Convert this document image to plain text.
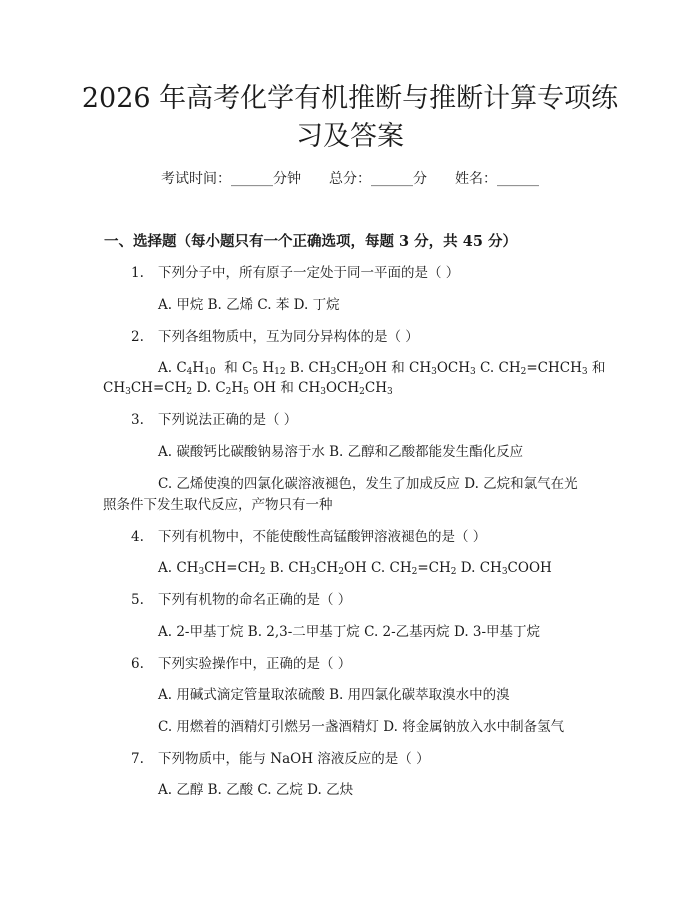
2026 年高考化学有机推断与推断计算专项练
习及答案
考试时间：______分钟 总分：______分 姓名：______
一、选择题（每小题只有一个正确选项，每题 3 分，共 45 分）
1. 下列分子中，所有原子一定处于同一平面的是（ ）
A. 甲烷 B. 乙烯 C. 苯 D. 丁烷
2. 下列各组物质中，互为同分异构体的是（ ）
A. $C_4H_{10}$  和 $C_5$ $H_{12}$ B. $CH_3CH_2OH$ 和 $CH_3OCH_3$ C. $CH_2=CHCH_3$ 和
$CH_3CH=CH_2$ D. $C_2H_5$ OH 和 $CH_3OCH_2CH_3$
3. 下列说法正确的是（ ）
A. 碳酸钙比碳酸钠易溶于水 B. 乙醇和乙酸都能发生酯化反应
C. 乙烯使溴的四氯化碳溶液褪色，发生了加成反应 D. 乙烷和氯气在光
照条件下发生取代反应，产物只有一种
4. 下列有机物中，不能使酸性高锰酸钾溶液褪色的是（ ）
A. $CH_3CH=CH_2$ B. $CH_3CH_2OH$ C. $CH_2=CH_2$ D. $CH_3COOH$
5. 下列有机物的命名正确的是（ ）
A. 2-甲基丁烷 B. 2,3-二甲基丁烷 C. 2-乙基丙烷 D. 3-甲基丁烷
6. 下列实验操作中，正确的是（ ）
A. 用碱式滴定管量取浓硫酸 B. 用四氯化碳萃取溴水中的溴
C. 用燃着的酒精灯引燃另一盏酒精灯 D. 将金属钠放入水中制备氢气
7. 下列物质中，能与 NaOH 溶液反应的是（ ）
A. 乙醇 B. 乙酸 C. 乙烷 D. 乙炔
